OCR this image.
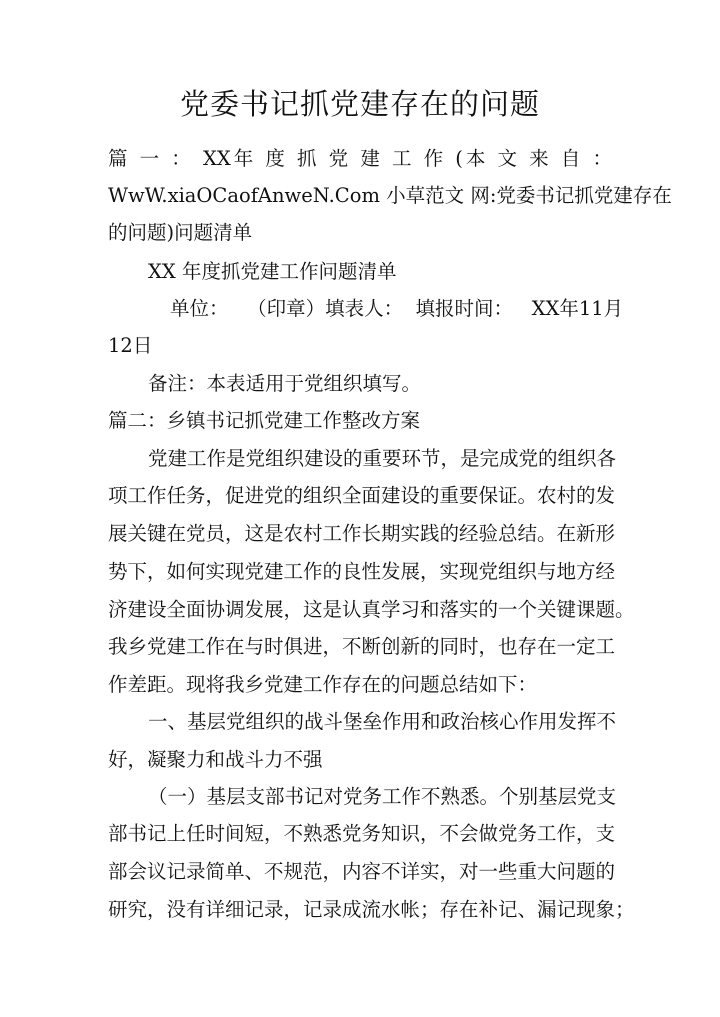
党委书记抓党建存在的问题
篇 一 ： XX年 度 抓 党 建 工 作 (本 文 来 自 ：
WwW.xiaOCaofAnweN.Com 小草范文 网:党委书记抓党建存在
的问题)问题清单
XX 年度抓党建工作问题清单
单位：   （印章）填表人：  填报时间：   XX年11月
12日
备注：本表适用于党组织填写。
篇二：乡镇书记抓党建工作整改方案
党建工作是党组织建设的重要环节，是完成党的组织各
项工作任务，促进党的组织全面建设的重要保证。农村的发
展关键在党员，这是农村工作长期实践的经验总结。在新形
势下，如何实现党建工作的良性发展，实现党组织与地方经
济建设全面协调发展，这是认真学习和落实的一个关键课题。
我乡党建工作在与时俱进，不断创新的同时，也存在一定工
作差距。现将我乡党建工作存在的问题总结如下：
一、基层党组织的战斗堡垒作用和政治核心作用发挥不
好，凝聚力和战斗力不强
（一）基层支部书记对党务工作不熟悉。个别基层党支
部书记上任时间短，不熟悉党务知识，不会做党务工作，支
部会议记录简单、不规范，内容不详实，对一些重大问题的
研究，没有详细记录，记录成流水帐；存在补记、漏记现象；
